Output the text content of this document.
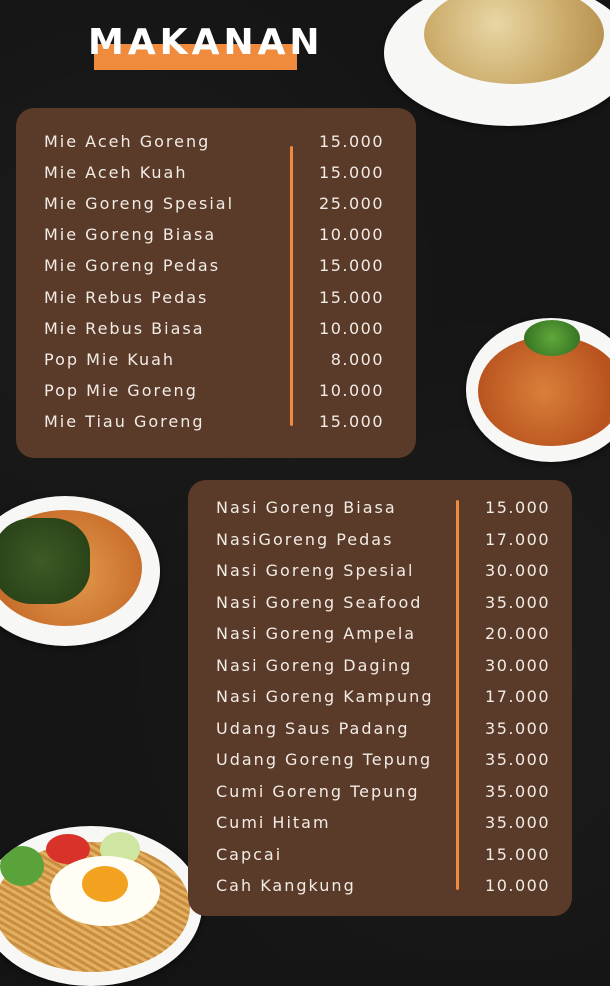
MAKANAN
Mie Aceh Goreng	15.000
Mie Aceh Kuah	15.000
Mie Goreng Spesial	25.000
Mie Goreng Biasa	10.000
Mie Goreng Pedas	15.000
Mie Rebus Pedas	15.000
Mie Rebus Biasa	10.000
Pop Mie Kuah	8.000
Pop Mie Goreng	10.000
Mie Tiau Goreng	15.000
Nasi Goreng Biasa	15.000
NasiGoreng Pedas	17.000
Nasi Goreng Spesial	30.000
Nasi Goreng Seafood	35.000
Nasi Goreng Ampela	20.000
Nasi Goreng Daging	30.000
Nasi Goreng Kampung	17.000
Udang Saus Padang	35.000
Udang Goreng Tepung	35.000
Cumi Goreng Tepung	35.000
Cumi Hitam	35.000
Capcai	15.000
Cah Kangkung	10.000
